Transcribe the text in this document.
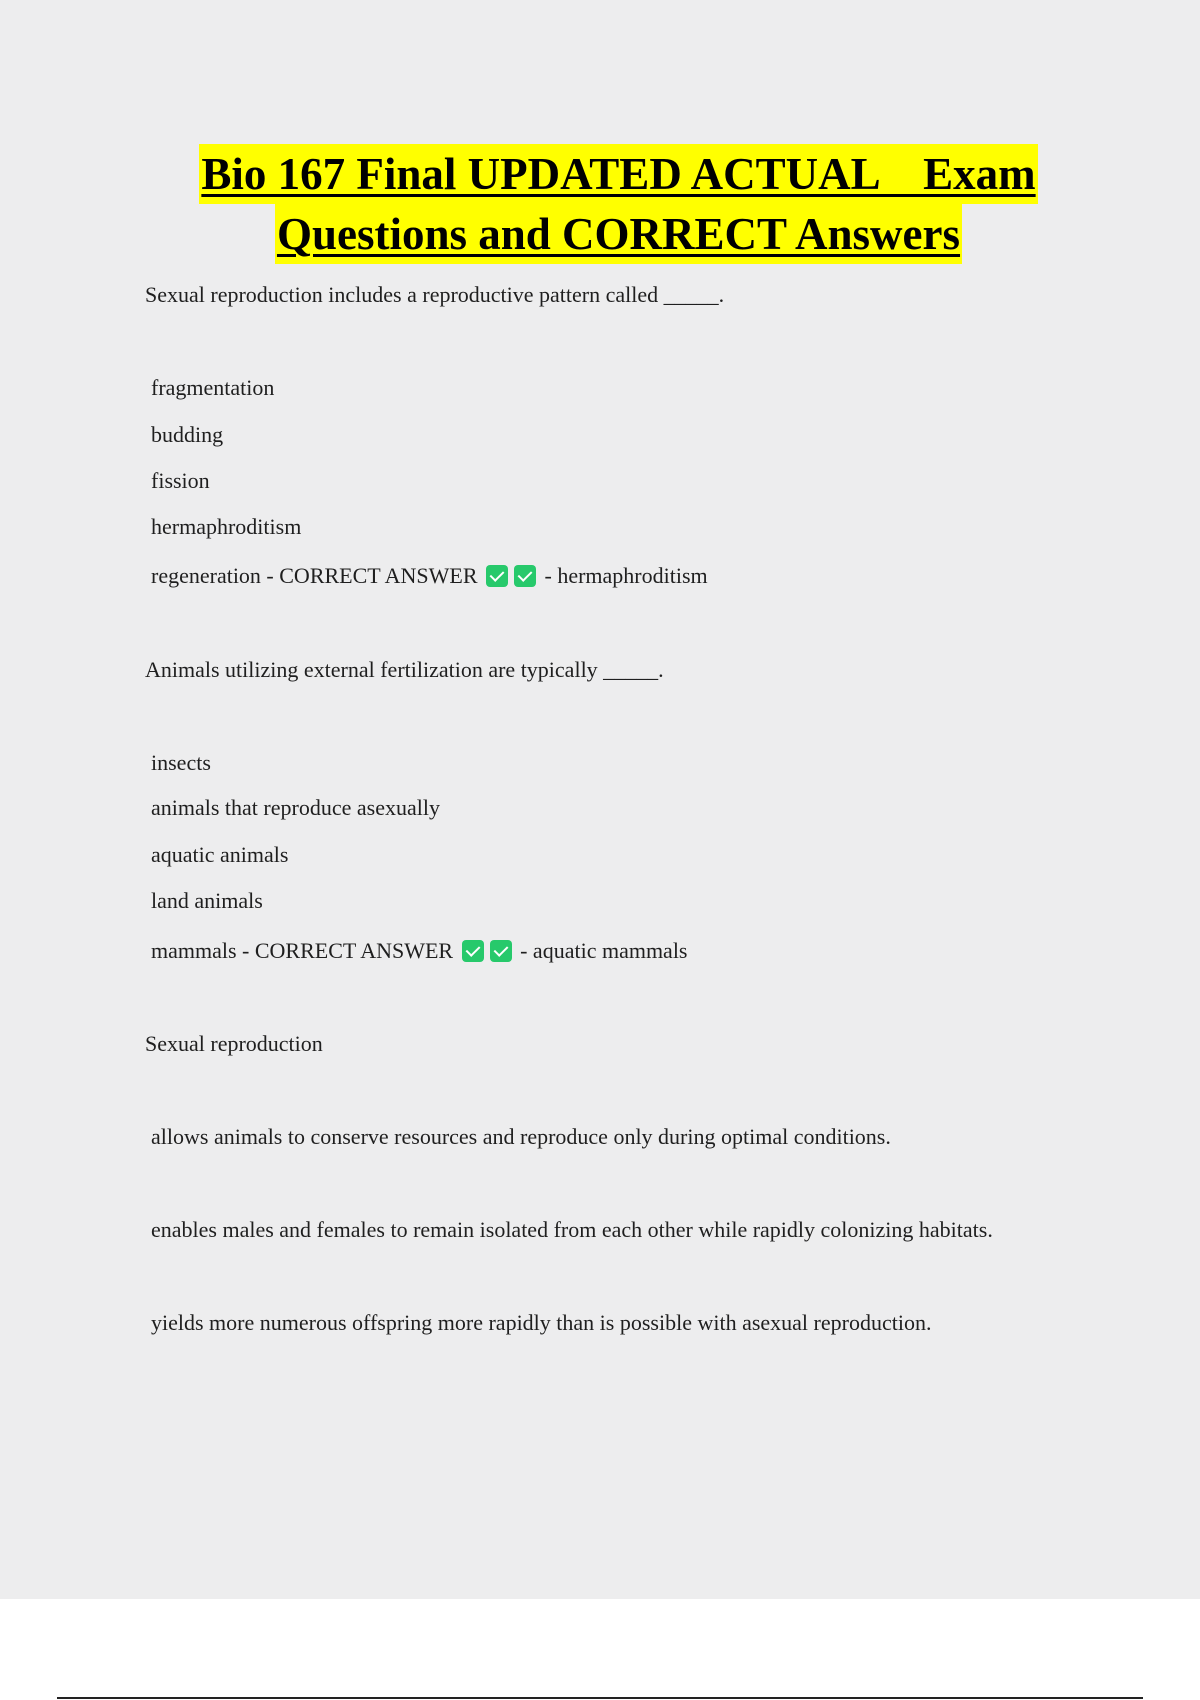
Bio 167 Final UPDATED ACTUAL    Exam
Questions and CORRECT Answers
Sexual reproduction includes a reproductive pattern called _____.
fragmentation
budding
fission
hermaphroditism
regeneration - CORRECT ANSWER	- hermaphroditism
Animals utilizing external fertilization are typically _____.
insects
animals that reproduce asexually
aquatic animals
land animals
mammals - CORRECT ANSWER	- aquatic mammals
Sexual reproduction
allows animals to conserve resources and reproduce only during optimal conditions.
enables males and females to remain isolated from each other while rapidly colonizing habitats.
yields more numerous offspring more rapidly than is possible with asexual reproduction.
